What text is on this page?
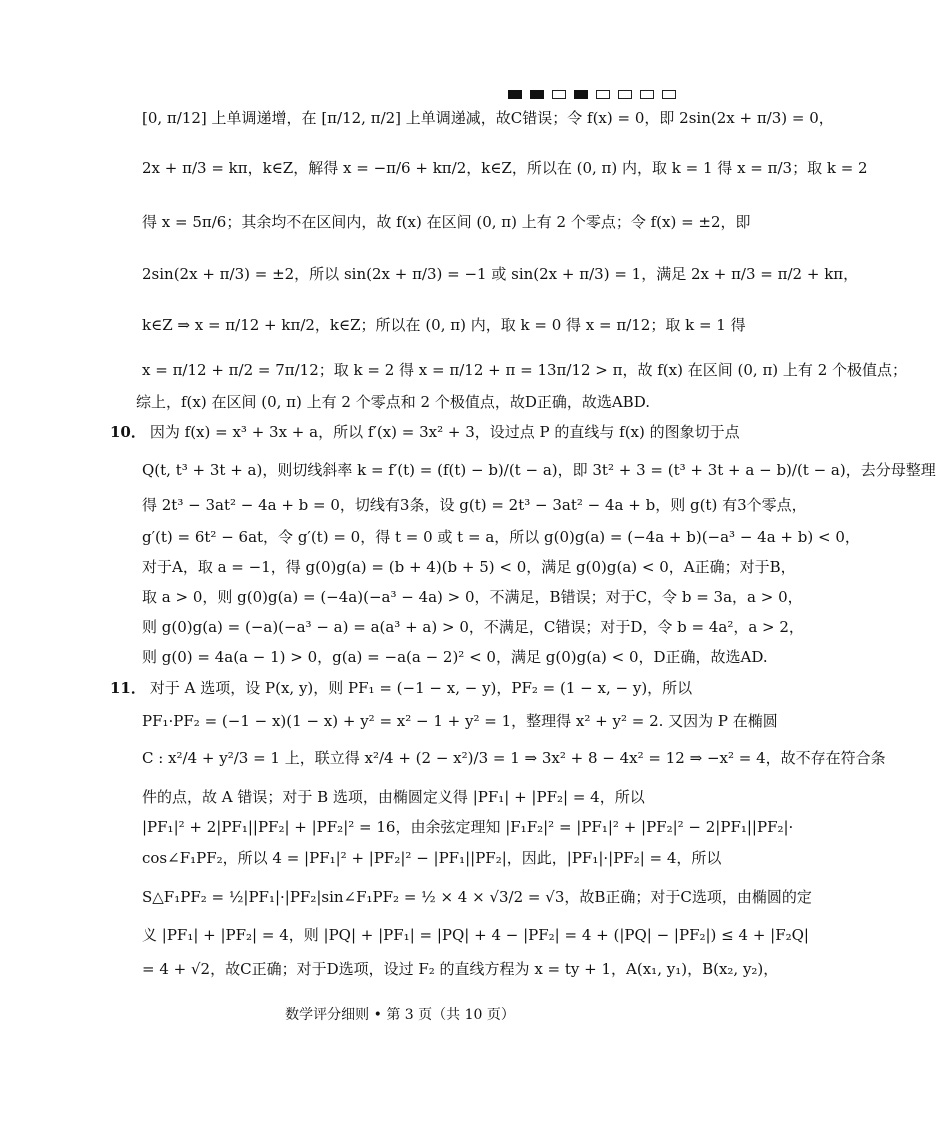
[0, π/12] 上单调递增，在 [π/12, π/2] 上单调递减，故C错误；令 f(x) = 0，即 2sin(2x + π/3) = 0，
2x + π/3 = kπ，k∈Z，解得 x = −π/6 + kπ/2，k∈Z，所以在 (0, π) 内，取 k = 1 得 x = π/3；取 k = 2
得 x = 5π/6；其余均不在区间内，故 f(x) 在区间 (0, π) 上有 2 个零点；令 f(x) = ±2，即
2sin(2x + π/3) = ±2，所以 sin(2x + π/3) = −1 或 sin(2x + π/3) = 1，满足 2x + π/3 = π/2 + kπ，
k∈Z ⇒ x = π/12 + kπ/2，k∈Z；所以在 (0, π) 内，取 k = 0 得 x = π/12；取 k = 1 得
x = π/12 + π/2 = 7π/12；取 k = 2 得 x = π/12 + π = 13π/12 > π，故 f(x) 在区间 (0, π) 上有 2 个极值点；
综上，f(x) 在区间 (0, π) 上有 2 个零点和 2 个极值点，故D正确，故选ABD.
10． 因为 f(x) = x³ + 3x + a，所以 f′(x) = 3x² + 3，设过点 P 的直线与 f(x) 的图象切于点
Q(t, t³ + 3t + a)，则切线斜率 k = f′(t) = (f(t) − b)/(t − a)，即 3t² + 3 = (t³ + 3t + a − b)/(t − a)，去分母整理
得 2t³ − 3at² − 4a + b = 0，切线有3条，设 g(t) = 2t³ − 3at² − 4a + b，则 g(t) 有3个零点，
g′(t) = 6t² − 6at，令 g′(t) = 0，得 t = 0 或 t = a，所以 g(0)g(a) = (−4a + b)(−a³ − 4a + b) < 0，
对于A，取 a = −1，得 g(0)g(a) = (b + 4)(b + 5) < 0，满足 g(0)g(a) < 0，A正确；对于B，
取 a > 0，则 g(0)g(a) = (−4a)(−a³ − 4a) > 0，不满足，B错误；对于C，令 b = 3a，a > 0，
则 g(0)g(a) = (−a)(−a³ − a) = a(a³ + a) > 0，不满足，C错误；对于D，令 b = 4a²，a > 2，
则 g(0) = 4a(a − 1) > 0，g(a) = −a(a − 2)² < 0，满足 g(0)g(a) < 0，D正确，故选AD.
11． 对于 A 选项，设 P(x, y)，则 PF₁ = (−1 − x, − y)，PF₂ = (1 − x, − y)，所以
PF₁·PF₂ = (−1 − x)(1 − x) + y² = x² − 1 + y² = 1，整理得 x² + y² = 2. 又因为 P 在椭圆
C : x²/4 + y²/3 = 1 上，联立得 x²/4 + (2 − x²)/3 = 1 ⇒ 3x² + 8 − 4x² = 12 ⇒ −x² = 4，故不存在符合条
件的点，故 A 错误；对于 B 选项，由椭圆定义得 |PF₁| + |PF₂| = 4，所以
|PF₁|² + 2|PF₁||PF₂| + |PF₂|² = 16，由余弦定理知 |F₁F₂|² = |PF₁|² + |PF₂|² − 2|PF₁||PF₂|·
cos∠F₁PF₂，所以 4 = |PF₁|² + |PF₂|² − |PF₁||PF₂|，因此，|PF₁|·|PF₂| = 4，所以
S△F₁PF₂ = ½|PF₁|·|PF₂|sin∠F₁PF₂ = ½ × 4 × √3/2 = √3，故B正确；对于C选项，由椭圆的定
义 |PF₁| + |PF₂| = 4，则 |PQ| + |PF₁| = |PQ| + 4 − |PF₂| = 4 + (|PQ| − |PF₂|) ≤ 4 + |F₂Q|
= 4 + √2，故C正确；对于D选项，设过 F₂ 的直线方程为 x = ty + 1，A(x₁, y₁)，B(x₂, y₂)，
数学评分细则 • 第 3 页（共 10 页）
